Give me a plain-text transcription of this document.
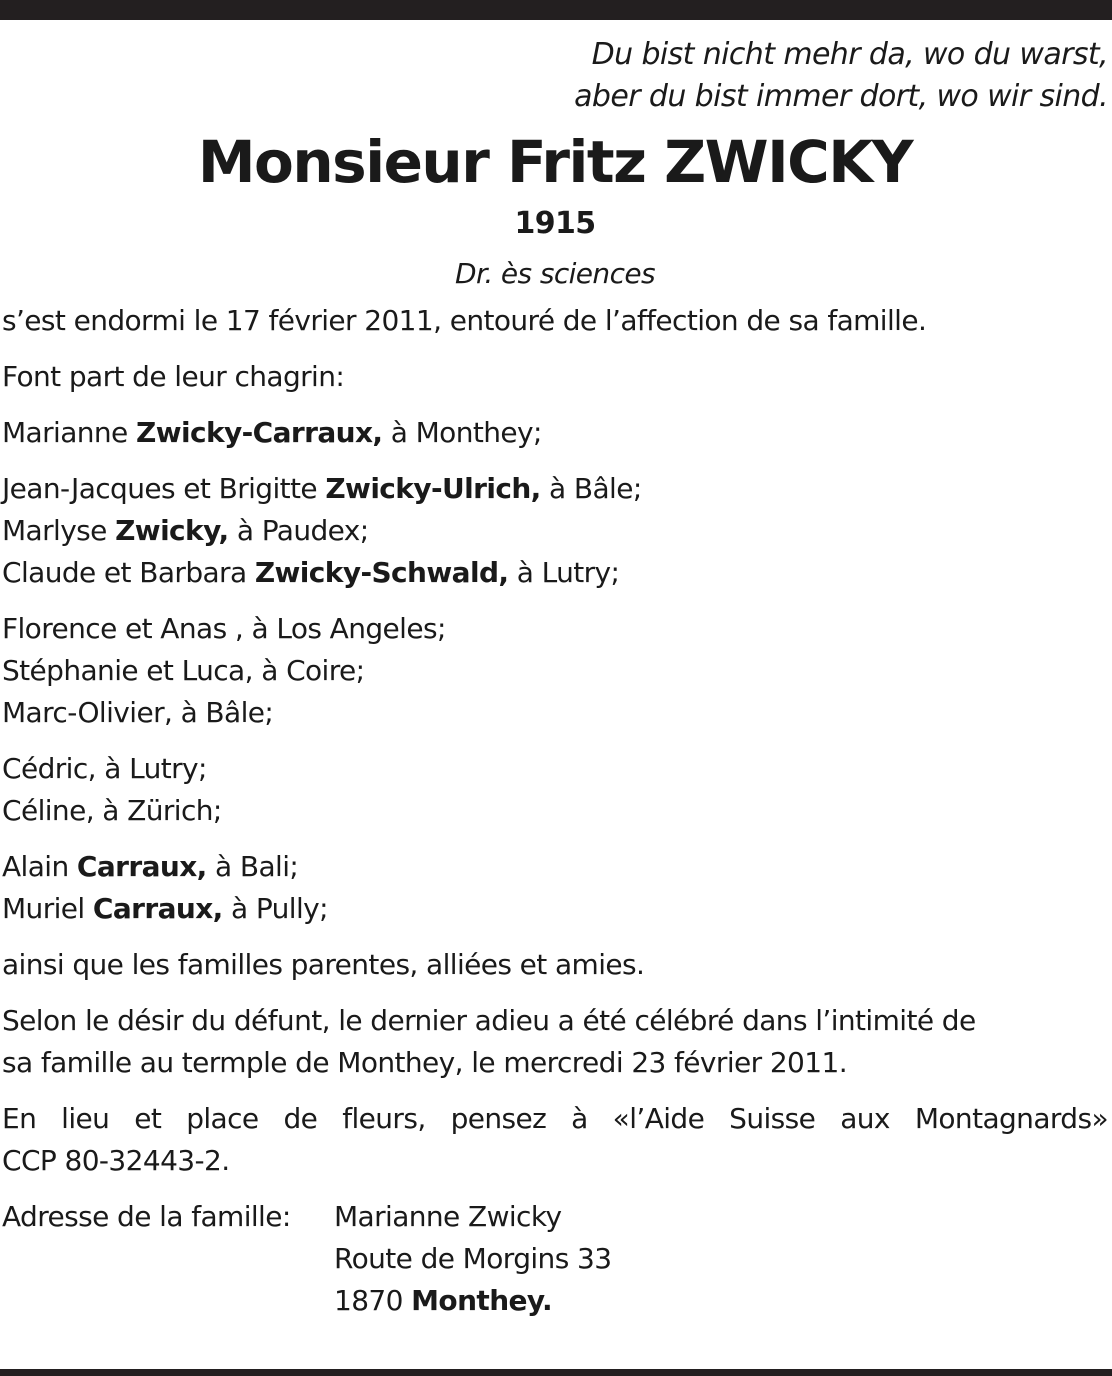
Du bist nicht mehr da, wo du warst,
aber du bist immer dort, wo wir sind.
Monsieur Fritz ZWICKY
1915
Dr. ès sciences

s’est endormi le 17 février 2011, entouré de l’affection de sa famille.

Font part de leur chagrin:

Marianne Zwicky-Carraux, à Monthey;
Jean-Jacques et Brigitte Zwicky-Ulrich, à Bâle;
Marlyse Zwicky, à Paudex;
Claude et Barbara Zwicky-Schwald, à Lutry;
Florence et Anas , à Los Angeles;
Stéphanie et Luca, à Coire;
Marc-Olivier, à Bâle;
Cédric, à Lutry;
Céline, à Zürich;
Alain Carraux, à Bali;
Muriel Carraux, à Pully;

ainsi que les familles parentes, alliées et amies.

Selon le désir du défunt, le dernier adieu a été célébré dans l’intimité de
sa famille au termple de Monthey, le mercredi 23 février 2011.
En lieu et place de fleurs, pensez à «l’Aide Suisse aux Montagnards»
CCP 80-32443-2.
Adresse de la famille:	Marianne Zwicky
Route de Morgins 33
1870 Monthey.
